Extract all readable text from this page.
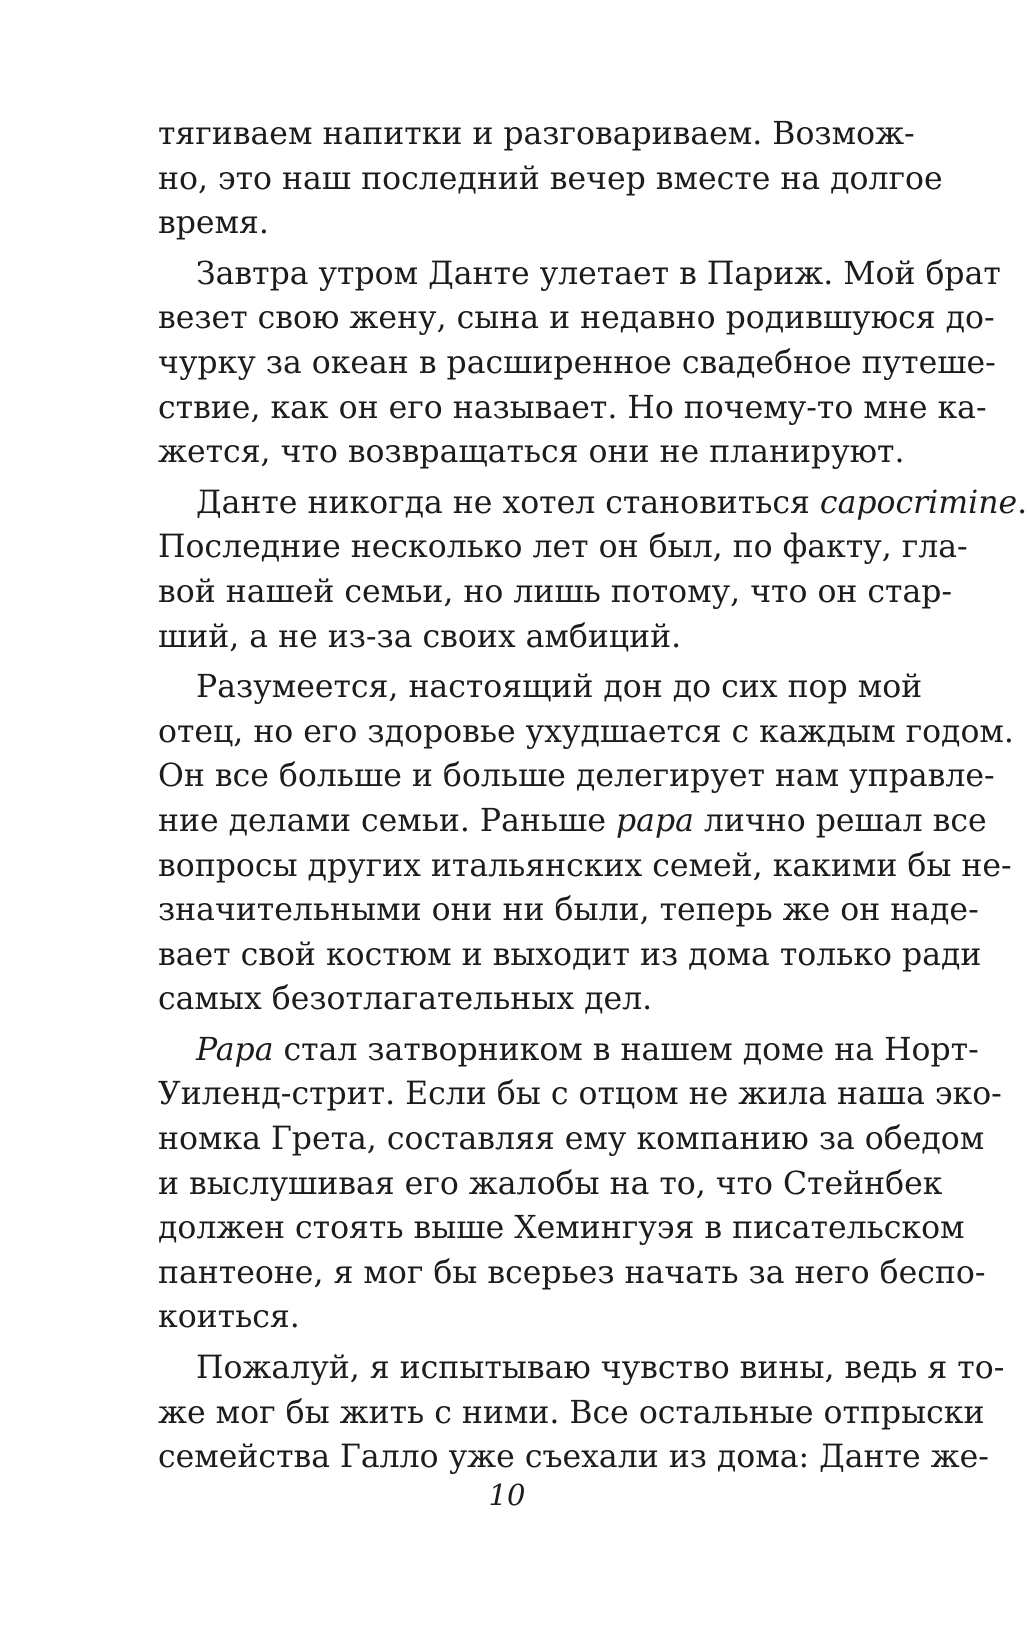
тягиваем напитки и разговариваем. Возмож-
но, это наш последний вечер вместе на долгое
время.
Завтра утром Данте улетает в Париж. Мой брат
везет свою жену, сына и недавно родившуюся до-
чурку за океан в расширенное свадебное путеше-
ствие, как он его называет. Но почему-то мне ка-
жется, что возвращаться они не планируют.
Данте никогда не хотел становиться capocrimine.
Последние несколько лет он был, по факту, гла-
вой нашей семьи, но лишь потому, что он стар-
ший, а не из-за своих амбиций.
Разумеется, настоящий дон до сих пор мой
отец, но его здоровье ухудшается с каждым годом.
Он все больше и больше делегирует нам управле-
ние делами семьи. Раньше papa лично решал все
вопросы других итальянских семей, какими бы не-
значительными они ни были, теперь же он наде-
вает свой костюм и выходит из дома только ради
самых безотлагательных дел.
Papa стал затворником в нашем доме на Норт-
Уиленд-стрит. Если бы с отцом не жила наша эко-
номка Грета, составляя ему компанию за обедом
и выслушивая его жалобы на то, что Стейнбек
должен стоять выше Хемингуэя в писательском
пантеоне, я мог бы всерьез начать за него беспо-
коиться.
Пожалуй, я испытываю чувство вины, ведь я то-
же мог бы жить с ними. Все остальные отпрыски
семейства Галло уже съехали из дома: Данте же-
10
